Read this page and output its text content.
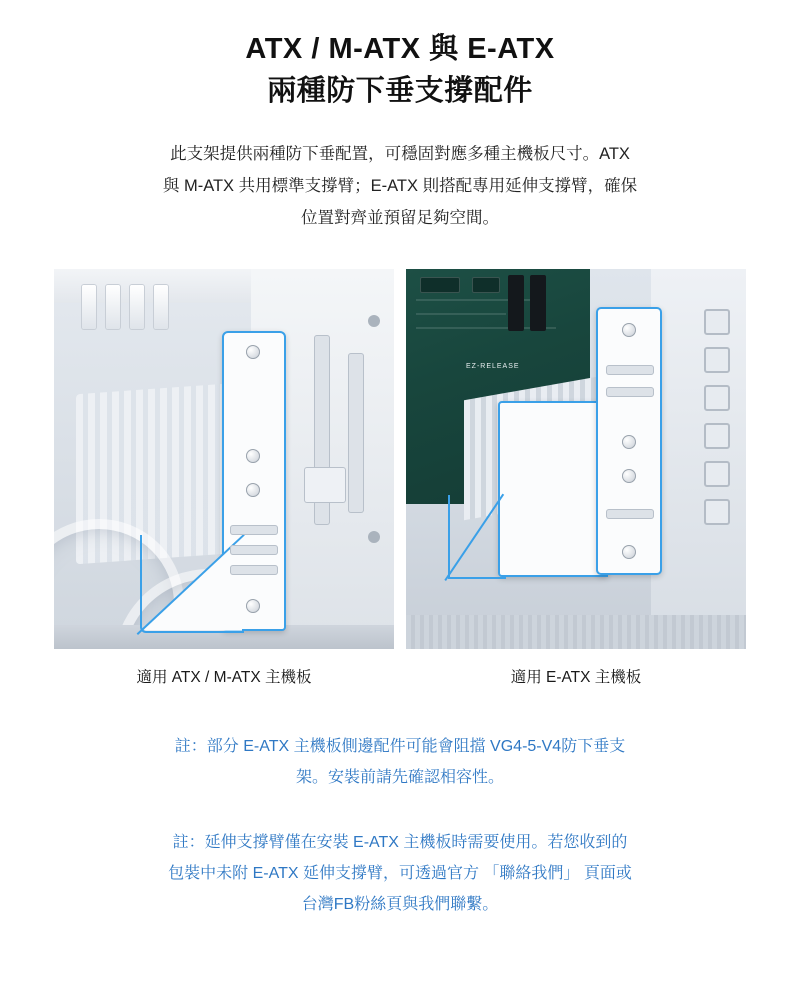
ATX / M-ATX 與 E-ATX
兩種防下垂支撐配件
此支架提供兩種防下垂配置，可穩固對應多種主機板尺寸。ATX
與 M-ATX 共用標準支撐臂；E-ATX 則搭配專用延伸支撐臂，確保
位置對齊並預留足夠空間。
適用 ATX / M-ATX 主機板
EZ-RELEASE
適用 E-ATX 主機板
註：部分 E-ATX 主機板側邊配件可能會阻擋 VG4-5-V4防下垂支
架。安裝前請先確認相容性。
註：延伸支撐臂僅在安裝 E-ATX 主機板時需要使用。若您收到的
包裝中未附 E-ATX 延伸支撐臂，可透過官方 「聯絡我們」 頁面或
台灣FB粉絲頁與我們聯繫。
